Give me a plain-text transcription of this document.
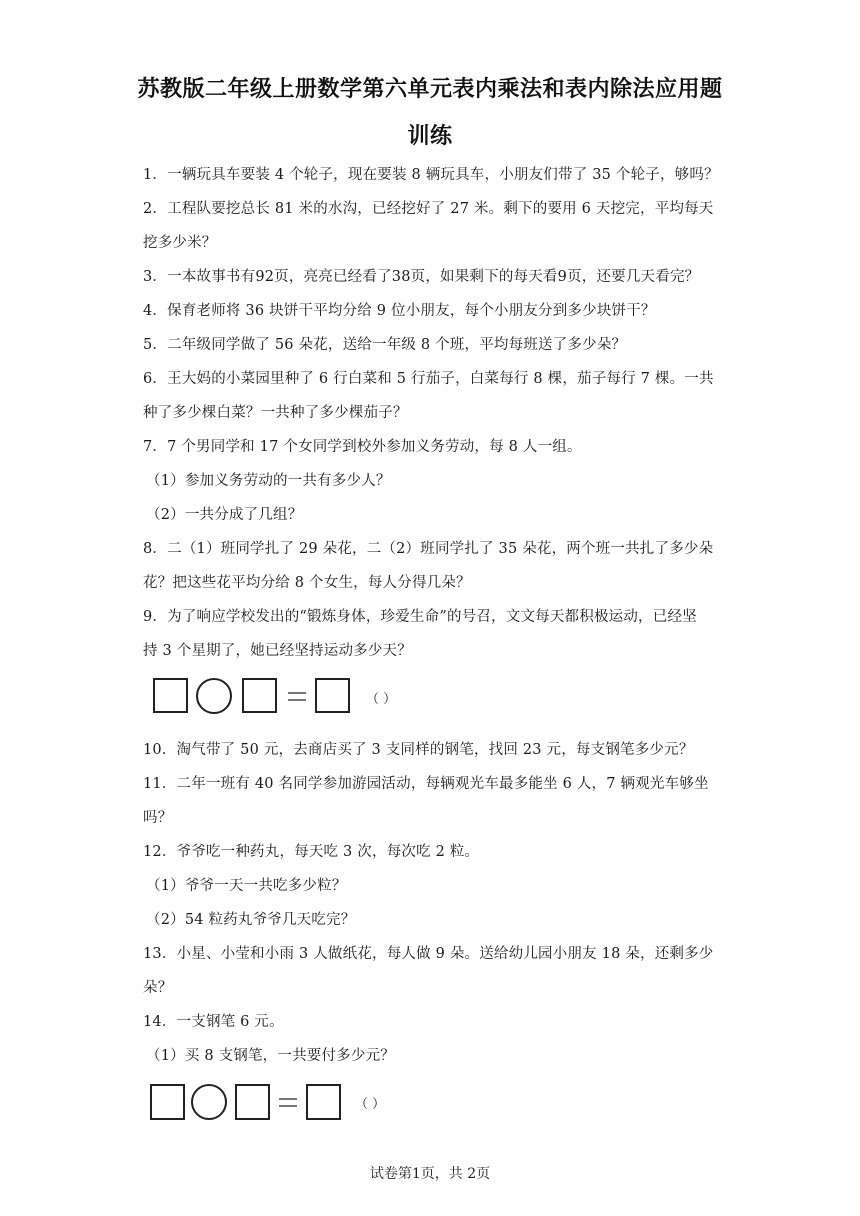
苏教版二年级上册数学第六单元表内乘法和表内除法应用题
训练
1．一辆玩具车要装 4 个轮子，现在要装 8 辆玩具车，小朋友们带了 35 个轮子，够吗？
2．工程队要挖总长 81 米的水沟，已经挖好了 27 米。剩下的要用 6 天挖完，平均每天
挖多少米？
3．一本故事书有92页，亮亮已经看了38页，如果剩下的每天看9页，还要几天看完？
4．保育老师将 36 块饼干平均分给 9 位小朋友，每个小朋友分到多少块饼干？
5．二年级同学做了 56 朵花，送给一年级 8 个班，平均每班送了多少朵？
6．王大妈的小菜园里种了 6 行白菜和 5 行茄子，白菜每行 8 棵，茄子每行 7 棵。一共
种了多少棵白菜？一共种了多少棵茄子？
7．7 个男同学和 17 个女同学到校外参加义务劳动，每 8 人一组。
（1）参加义务劳动的一共有多少人？
（2）一共分成了几组？
8．二（1）班同学扎了 29 朵花，二（2）班同学扎了 35 朵花，两个班一共扎了多少朵
花？把这些花平均分给 8 个女生，每人分得几朵？
9．为了响应学校发出的“锻炼身体，珍爱生命”的号召，文文每天都积极运动，已经坚
持 3 个星期了，她已经坚持运动多少天？
（ ）
10．淘气带了 50 元，去商店买了 3 支同样的钢笔，找回 23 元，每支钢笔多少元？
11．二年一班有 40 名同学参加游园活动，每辆观光车最多能坐 6 人，7 辆观光车够坐
吗？
12．爷爷吃一种药丸，每天吃 3 次，每次吃 2 粒。
（1）爷爷一天一共吃多少粒？
（2）54 粒药丸爷爷几天吃完？
13．小星、小莹和小雨 3 人做纸花，每人做 9 朵。送给幼儿园小朋友 18 朵，还剩多少
朵？
14．一支钢笔 6 元。
（1）买 8 支钢笔，一共要付多少元？
（ ）
试卷第1页，共 2页
